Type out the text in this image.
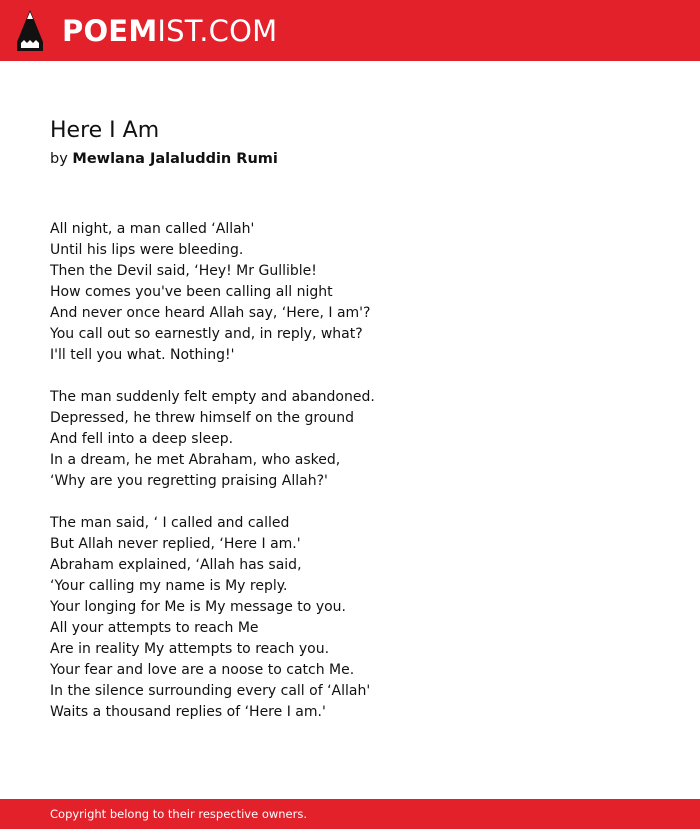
POEMIST.COM
Here I Am
by Mewlana Jalaluddin Rumi
All night, a man called ‘Allah'
Until his lips were bleeding.
Then the Devil said, ‘Hey! Mr Gullible!
How comes you've been calling all night
And never once heard Allah say, ‘Here, I am'?
You call out so earnestly and, in reply, what?
I'll tell you what. Nothing!'
The man suddenly felt empty and abandoned.
Depressed, he threw himself on the ground
And fell into a deep sleep.
In a dream, he met Abraham, who asked,
‘Why are you regretting praising Allah?'
The man said, ‘ I called and called
But Allah never replied, ‘Here I am.'
Abraham explained, ‘Allah has said,
‘Your calling my name is My reply.
Your longing for Me is My message to you.
All your attempts to reach Me
Are in reality My attempts to reach you.
Your fear and love are a noose to catch Me.
In the silence surrounding every call of ‘Allah'
Waits a thousand replies of ‘Here I am.'
Copyright belong to their respective owners.
